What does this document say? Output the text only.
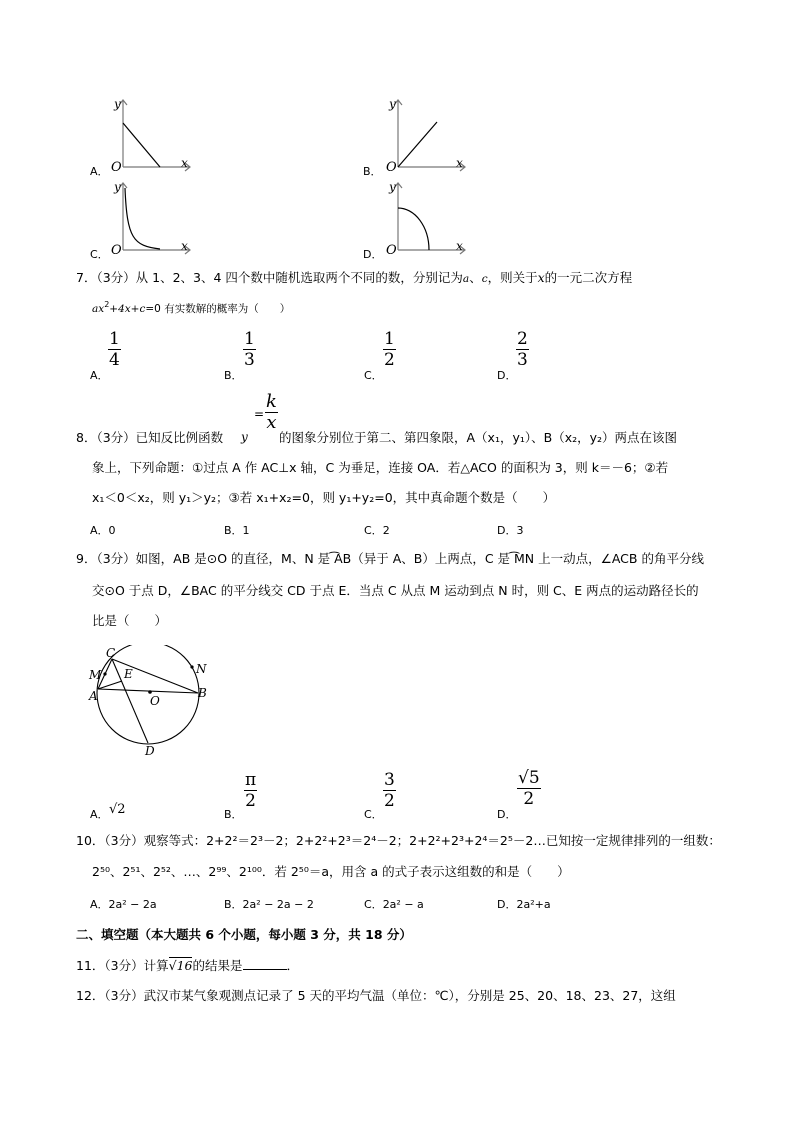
A．
y
x
O	B．
y
x
O
C．
y
x
O	D．
y
x
O
7．（3分）从 1、2、3、4 四个数中随机选取两个不同的数，分别记为a、c，则关于x的一元二次方程
$ax^2+4x+c=0$ 有实数解的概率为（　　）
A．
1
4
B．
1
3
C．
1
2
D．
2
3
8．（3分）已知反比例函数 y
=
k
x
的图象分别位于第二、第四象限，A（x₁，y₁）、B（x₂，y₂）两点在该图
象上，下列命题：①过点 A 作 AC⊥x 轴，C 为垂足，连接 OA．若△ACO 的面积为 3，则 k＝－6；②若
x₁＜0＜x₂，则 y₁＞y₂；③若 x₁+x₂=0，则 y₁+y₂=0，其中真命题个数是（　　）
A．0	B．1	C．2	D．3
9．（3分）如图，AB 是⊙O 的直径，M、N 是 ͡AB（异于 A、B）上两点，C 是 ͡MN 上一动点，∠ACB 的角平分线
交⊙O 于点 D，∠BAC 的平分线交 CD 于点 E．当点 C 从点 M 运动到点 N 时，则 C、E 两点的运动路径长的
比是（　　）
C
M E
A	O
B
N
D
A． √2	B．
π
2
C．
3
2
D．
√5
2
10．（3分）观察等式：2+2²＝2³－2；2+2²+2³＝2⁴－2；2+2²+2³+2⁴＝2⁵－2…已知按一定规律排列的一组数：
2⁵⁰、2⁵¹、2⁵²、…、2⁹⁹、2¹⁰⁰．若 2⁵⁰＝a，用含 a 的式子表示这组数的和是（　　）
A．2a² − 2a	B．2a² − 2a − 2	C．2a² − a	D．2a²+a
二、填空题（本大题共 6 个小题，每小题 3 分，共 18 分）
11．（3分）计算√16的结果是	．
12．（3分）武汉市某气象观测点记录了 5 天的平均气温（单位：℃），分别是 25、20、18、23、27，这组
